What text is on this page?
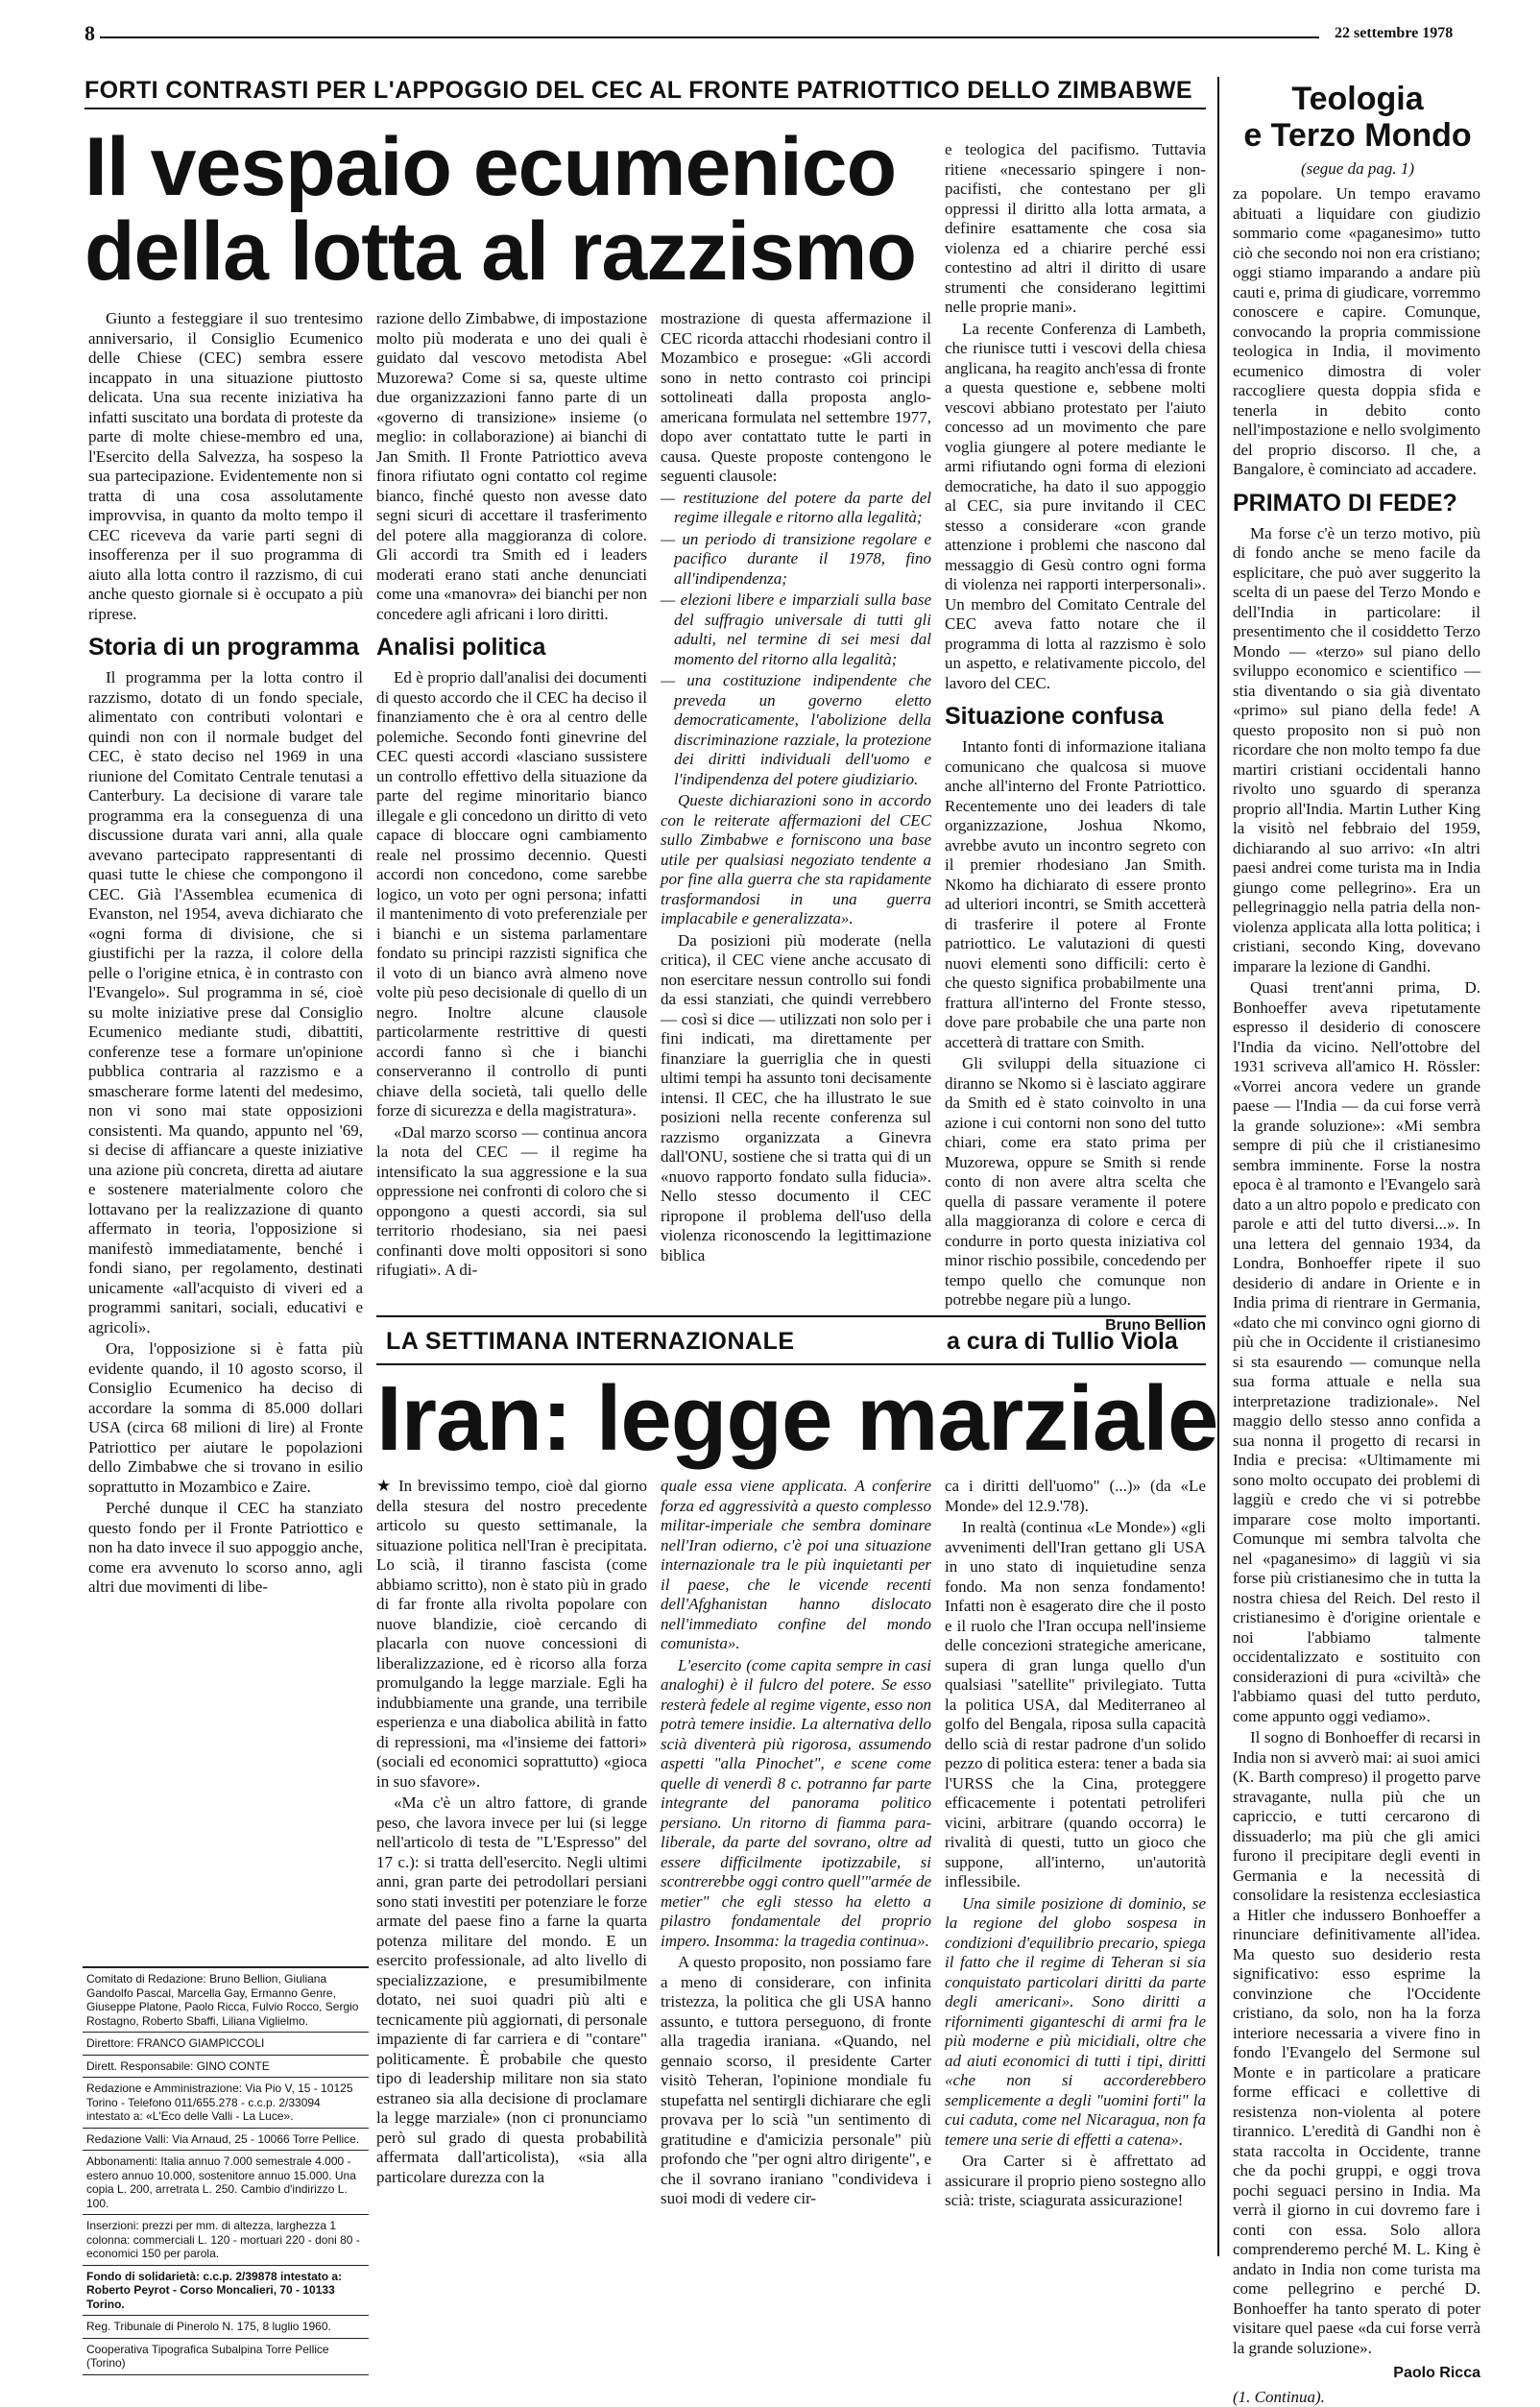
8	22 settembre 1978
FORTI CONTRASTI PER L'APPOGGIO DEL CEC AL FRONTE PATRIOTTICO DELLO ZIMBABWE
Il vespaio ecumenico
della lotta al razzismo

Giunto a festeggiare il suo trentesimo anniversario, il Consiglio Ecumenico delle Chiese (CEC) sembra essere incappato in una situazione piuttosto delicata. Una sua recente iniziativa ha infatti suscitato una bordata di proteste da parte di molte chiese-membro ed una, l'Esercito della Salvezza, ha sospeso la sua partecipazione. Evidentemente non si tratta di una cosa assolutamente improvvisa, in quanto da molto tempo il CEC riceveva da varie parti segni di insofferenza per il suo programma di aiuto alla lotta contro il razzismo, di cui anche questo giornale si è occupato a più riprese.

Storia di un programma

Il programma per la lotta contro il razzismo, dotato di un fondo speciale, alimentato con contributi volontari e quindi non con il normale budget del CEC, è stato deciso nel 1969 in una riunione del Comitato Centrale tenutasi a Canterbury. La decisione di varare tale programma era la conseguenza di una discussione durata vari anni, alla quale avevano partecipato rappresentanti di quasi tutte le chiese che compongono il CEC. Già l'Assemblea ecumenica di Evanston, nel 1954, aveva dichiarato che «ogni forma di divisione, che si giustifichi per la razza, il colore della pelle o l'origine etnica, è in contrasto con l'Evangelo». Sul programma in sé, cioè su molte iniziative prese dal Consiglio Ecumenico mediante studi, dibattiti, conferenze tese a formare un'opinione pubblica contraria al razzismo e a smascherare forme latenti del medesimo, non vi sono mai state opposizioni consistenti. Ma quando, appunto nel '69, si decise di affiancare a queste iniziative una azione più concreta, diretta ad aiutare e sostenere materialmente coloro che lottavano per la realizzazione di quanto affermato in teoria, l'opposizione si manifestò immediatamente, benché i fondi siano, per regolamento, destinati unicamente «all'acquisto di viveri ed a programmi sanitari, sociali, educativi e agricoli».

Ora, l'opposizione si è fatta più evidente quando, il 10 agosto scorso, il Consiglio Ecumenico ha deciso di accordare la somma di 85.000 dollari USA (circa 68 milioni di lire) al Fronte Patriottico per aiutare le popolazioni dello Zimbabwe che si trovano in esilio soprattutto in Mozambico e Zaire.

Perché dunque il CEC ha stanziato questo fondo per il Fronte Patriottico e non ha dato invece il suo appoggio anche, come era avvenuto lo scorso anno, agli altri due movimenti di libe-

razione dello Zimbabwe, di impostazione molto più moderata e uno dei quali è guidato dal vescovo metodista Abel Muzorewa? Come si sa, queste ultime due organizzazioni fanno parte di un «governo di transizione» insieme (o meglio: in collaborazione) ai bianchi di Jan Smith. Il Fronte Patriottico aveva finora rifiutato ogni contatto col regime bianco, finché questo non avesse dato segni sicuri di accettare il trasferimento del potere alla maggioranza di colore. Gli accordi tra Smith ed i leaders moderati erano stati anche denunciati come una «manovra» dei bianchi per non concedere agli africani i loro diritti.

Analisi politica

Ed è proprio dall'analisi dei documenti di questo accordo che il CEC ha deciso il finanziamento che è ora al centro delle polemiche. Secondo fonti ginevrine del CEC questi accordi «lasciano sussistere un controllo effettivo della situazione da parte del regime minoritario bianco illegale e gli concedono un diritto di veto capace di bloccare ogni cambiamento reale nel prossimo decennio. Questi accordi non concedono, come sarebbe logico, un voto per ogni persona; infatti il mantenimento di voto preferenziale per i bianchi e un sistema parlamentare fondato su principi razzisti significa che il voto di un bianco avrà almeno nove volte più peso decisionale di quello di un negro. Inoltre alcune clausole particolarmente restrittive di questi accordi fanno sì che i bianchi conserveranno il controllo di punti chiave della società, tali quello delle forze di sicurezza e della magistratura».

«Dal marzo scorso — continua ancora la nota del CEC — il regime ha intensificato la sua aggressione e la sua oppressione nei confronti di coloro che si oppongono a questi accordi, sia sul territorio rhodesiano, sia nei paesi confinanti dove molti oppositori si sono rifugiati». A di-

mostrazione di questa affermazione il CEC ricorda attacchi rhodesiani contro il Mozambico e prosegue: «Gli accordi sono in netto contrasto coi principi sottolineati dalla proposta anglo-americana formulata nel settembre 1977, dopo aver contattato tutte le parti in causa. Queste proposte contengono le seguenti clausole:

— restituzione del potere da parte del regime illegale e ritorno alla legalità;

— un periodo di transizione regolare e pacifico durante il 1978, fino all'indipendenza;

— elezioni libere e imparziali sulla base del suffragio universale di tutti gli adulti, nel termine di sei mesi dal momento del ritorno alla legalità;

— una costituzione indipendente che preveda un governo eletto democraticamente, l'abolizione della discriminazione razziale, la protezione dei diritti individuali dell'uomo e l'indipendenza del potere giudiziario.

Queste dichiarazioni sono in accordo con le reiterate affermazioni del CEC sullo Zimbabwe e forniscono una base utile per qualsiasi negoziato tendente a por fine alla guerra che sta rapidamente trasformandosi in una guerra implacabile e generalizzata».

Da posizioni più moderate (nella critica), il CEC viene anche accusato di non esercitare nessun controllo sui fondi da essi stanziati, che quindi verrebbero — così si dice — utilizzati non solo per i fini indicati, ma direttamente per finanziare la guerriglia che in questi ultimi tempi ha assunto toni decisamente intensi. Il CEC, che ha illustrato le sue posizioni nella recente conferenza sul razzismo organizzata a Ginevra dall'ONU, sostiene che si tratta qui di un «nuovo rapporto fondato sulla fiducia». Nello stesso documento il CEC ripropone il problema dell'uso della violenza riconoscendo la legittimazione biblica

e teologica del pacifismo. Tuttavia ritiene «necessario spingere i non-pacifisti, che contestano per gli oppressi il diritto alla lotta armata, a definire esattamente che cosa sia violenza ed a chiarire perché essi contestino ad altri il diritto di usare strumenti che considerano legittimi nelle proprie mani».

La recente Conferenza di Lambeth, che riunisce tutti i vescovi della chiesa anglicana, ha reagito anch'essa di fronte a questa questione e, sebbene molti vescovi abbiano protestato per l'aiuto concesso ad un movimento che pare voglia giungere al potere mediante le armi rifiutando ogni forma di elezioni democratiche, ha dato il suo appoggio al CEC, sia pure invitando il CEC stesso a considerare «con grande attenzione i problemi che nascono dal messaggio di Gesù contro ogni forma di violenza nei rapporti interpersonali». Un membro del Comitato Centrale del CEC aveva fatto notare che il programma di lotta al razzismo è solo un aspetto, e relativamente piccolo, del lavoro del CEC.

Situazione confusa

Intanto fonti di informazione italiana comunicano che qualcosa si muove anche all'interno del Fronte Patriottico. Recentemente uno dei leaders di tale organizzazione, Joshua Nkomo, avrebbe avuto un incontro segreto con il premier rhodesiano Jan Smith. Nkomo ha dichiarato di essere pronto ad ulteriori incontri, se Smith accetterà di trasferire il potere al Fronte patriottico. Le valutazioni di questi nuovi elementi sono difficili: certo è che questo significa probabilmente una frattura all'interno del Fronte stesso, dove pare probabile che una parte non accetterà di trattare con Smith.

Gli sviluppi della situazione ci diranno se Nkomo si è lasciato aggirare da Smith ed è stato coinvolto in una azione i cui contorni non sono del tutto chiari, come era stato prima per Muzorewa, oppure se Smith si rende conto di non avere altra scelta che quella di passare veramente il potere alla maggioranza di colore e cerca di condurre in porto questa iniziativa col minor rischio possibile, concedendo per tempo quello che comunque non potrebbe negare più a lungo.

Bruno Bellion
Teologia
e Terzo Mondo
(segue da pag. 1)

za popolare. Un tempo eravamo abituati a liquidare con giudizio sommario come «paganesimo» tutto ciò che secondo noi non era cristiano; oggi stiamo imparando a andare più cauti e, prima di giudicare, vorremmo conoscere e capire. Comunque, convocando la propria commissione teologica in India, il movimento ecumenico dimostra di voler raccogliere questa doppia sfida e tenerla in debito conto nell'impostazione e nello svolgimento del proprio discorso. Il che, a Bangalore, è cominciato ad accadere.

PRIMATO DI FEDE?

Ma forse c'è un terzo motivo, più di fondo anche se meno facile da esplicitare, che può aver suggerito la scelta di un paese del Terzo Mondo e dell'India in particolare: il presentimento che il cosiddetto Terzo Mondo — «terzo» sul piano dello sviluppo economico e scientifico — stia diventando o sia già diventato «primo» sul piano della fede! A questo proposito non si può non ricordare che non molto tempo fa due martiri cristiani occidentali hanno rivolto uno sguardo di speranza proprio all'India. Martin Luther King la visitò nel febbraio del 1959, dichiarando al suo arrivo: «In altri paesi andrei come turista ma in India giungo come pellegrino». Era un pellegrinaggio nella patria della non-violenza applicata alla lotta politica; i cristiani, secondo King, dovevano imparare la lezione di Gandhi.

Quasi trent'anni prima, D. Bonhoeffer aveva ripetutamente espresso il desiderio di conoscere l'India da vicino. Nell'ottobre del 1931 scriveva all'amico H. Rössler: «Vorrei ancora vedere un grande paese — l'India — da cui forse verrà la grande soluzione»: «Mi sembra sempre di più che il cristianesimo sembra imminente. Forse la nostra epoca è al tramonto e l'Evangelo sarà dato a un altro popolo e predicato con parole e atti del tutto diversi...». In una lettera del gennaio 1934, da Londra, Bonhoeffer ripete il suo desiderio di andare in Oriente e in India prima di rientrare in Germania, «dato che mi convinco ogni giorno di più che in Occidente il cristianesimo si sta esaurendo — comunque nella sua forma attuale e nella sua interpretazione tradizionale». Nel maggio dello stesso anno confida a sua nonna il progetto di recarsi in India e precisa: «Ultimamente mi sono molto occupato dei problemi di laggiù e credo che vi si potrebbe imparare cose molto importanti. Comunque mi sembra talvolta che nel «paganesimo» di laggiù vi sia forse più cristianesimo che in tutta la nostra chiesa del Reich. Del resto il cristianesimo è d'origine orientale e noi l'abbiamo talmente occidentalizzato e sostituito con considerazioni di pura «civiltà» che l'abbiamo quasi del tutto perduto, come appunto oggi vediamo».

Il sogno di Bonhoeffer di recarsi in India non si avverò mai: ai suoi amici (K. Barth compreso) il progetto parve stravagante, nulla più che un capriccio, e tutti cercarono di dissuaderlo; ma più che gli amici furono il precipitare degli eventi in Germania e la necessità di consolidare la resistenza ecclesiastica a Hitler che indussero Bonhoeffer a rinunciare definitivamente all'idea. Ma questo suo desiderio resta significativo: esso esprime la convinzione che l'Occidente cristiano, da solo, non ha la forza interiore necessaria a vivere fino in fondo l'Evangelo del Sermone sul Monte e in particolare a praticare forme efficaci e collettive di resistenza non-violenta al potere tirannico. L'eredità di Gandhi non è stata raccolta in Occidente, tranne che da pochi gruppi, e oggi trova pochi seguaci persino in India. Ma verrà il giorno in cui dovremo fare i conti con essa. Solo allora comprenderemo perché M. L. King è andato in India non come turista ma come pellegrino e perché D. Bonhoeffer ha tanto sperato di poter visitare quel paese «da cui forse verrà la grande soluzione».

Paolo Ricca

(1. Continua).

LA SETTIMANA INTERNAZIONALE	a cura di Tullio Viola
Iran: legge marziale

★ In brevissimo tempo, cioè dal giorno della stesura del nostro precedente articolo su questo settimanale, la situazione politica nell'Iran è precipitata. Lo scià, il tiranno fascista (come abbiamo scritto), non è stato più in grado di far fronte alla rivolta popolare con nuove blandizie, cioè cercando di placarla con nuove concessioni di liberalizzazione, ed è ricorso alla forza promulgando la legge marziale. Egli ha indubbiamente una grande, una terribile esperienza e una diabolica abilità in fatto di repressioni, ma «l'insieme dei fattori» (sociali ed economici soprattutto) «gioca in suo sfavore».

«Ma c'è un altro fattore, di grande peso, che lavora invece per lui (si legge nell'articolo di testa de "L'Espresso" del 17 c.): si tratta dell'esercito. Negli ultimi anni, gran parte dei petrodollari persiani sono stati investiti per potenziare le forze armate del paese fino a farne la quarta potenza militare del mondo. E un esercito professionale, ad alto livello di specializzazione, e presumibilmente dotato, nei suoi quadri più alti e tecnicamente più aggiornati, di personale impaziente di far carriera e di "contare" politicamente. È probabile che questo tipo di leadership militare non sia stato estraneo sia alla decisione di proclamare la legge marziale» (non ci pronunciamo però sul grado di questa probabilità affermata dall'articolista), «sia alla particolare durezza con la

quale essa viene applicata. A conferire forza ed aggressività a questo complesso militar-imperiale che sembra dominare nell'Iran odierno, c'è poi una situazione internazionale tra le più inquietanti per il paese, che le vicende recenti dell'Afghanistan hanno dislocato nell'immediato confine del mondo comunista».

L'esercito (come capita sempre in casi analoghi) è il fulcro del potere. Se esso resterà fedele al regime vigente, esso non potrà temere insidie. La alternativa dello scià diventerà più rigorosa, assumendo aspetti "alla Pinochet", e scene come quelle di venerdì 8 c. potranno far parte integrante del panorama politico persiano. Un ritorno di fiamma para-liberale, da parte del sovrano, oltre ad essere difficilmente ipotizzabile, si scontrerebbe oggi contro quell'"armée de metier" che egli stesso ha eletto a pilastro fondamentale del proprio impero. Insomma: la tragedia continua».

A questo proposito, non possiamo fare a meno di considerare, con infinita tristezza, la politica che gli USA hanno assunto, e tuttora perseguono, di fronte alla tragedia iraniana. «Quando, nel gennaio scorso, il presidente Carter visitò Teheran, l'opinione mondiale fu stupefatta nel sentirgli dichiarare che egli provava per lo scià "un sentimento di gratitudine e d'amicizia personale" più profondo che "per ogni altro dirigente", e che il sovrano iraniano "condivideva i suoi modi di vedere cir-

ca i diritti dell'uomo" (...)» (da «Le Monde» del 12.9.'78).

In realtà (continua «Le Monde») «gli avvenimenti dell'Iran gettano gli USA in uno stato di inquietudine senza fondo. Ma non senza fondamento! Infatti non è esagerato dire che il posto e il ruolo che l'Iran occupa nell'insieme delle concezioni strategiche americane, supera di gran lunga quello d'un qualsiasi "satellite" privilegiato. Tutta la politica USA, dal Mediterraneo al golfo del Bengala, riposa sulla capacità dello scià di restar padrone d'un solido pezzo di politica estera: tener a bada sia l'URSS che la Cina, proteggere efficacemente i potentati petroliferi vicini, arbitrare (quando occorra) le rivalità di questi, tutto un gioco che suppone, all'interno, un'autorità inflessibile.

Una simile posizione di dominio, se la regione del globo sospesa in condizioni d'equilibrio precario, spiega il fatto che il regime di Teheran si sia conquistato particolari diritti da parte degli americani». Sono diritti a rifornimenti giganteschi di armi fra le più moderne e più micidiali, oltre che ad aiuti economici di tutti i tipi, diritti «che non si accorderebbero semplicemente a degli "uomini forti" la cui caduta, come nel Nicaragua, non fa temere una serie di effetti a catena».

Ora Carter si è affrettato ad assicurare il proprio pieno sostegno allo scià: triste, sciagurata assicurazione!

Comitato di Redazione: Bruno Bellion, Giuliana Gandolfo Pascal, Marcella Gay, Ermanno Genre, Giuseppe Platone, Paolo Ricca, Fulvio Rocco, Sergio Rostagno, Roberto Sbaffi, Liliana Viglielmo.
Direttore: FRANCO GIAMPICCOLI
Dirett. Responsabile: GINO CONTE
Redazione e Amministrazione: Via Pio V, 15 - 10125 Torino - Telefono 011/655.278 - c.c.p. 2/33094 intestato a: «L'Eco delle Valli - La Luce».
Redazione Valli: Via Arnaud, 25 - 10066 Torre Pellice.
Abbonamenti: Italia annuo 7.000 semestrale 4.000 - estero annuo 10.000, sostenitore annuo 15.000. Una copia L. 200, arretrata L. 250. Cambio d'indirizzo L. 100.
Inserzioni: prezzi per mm. di altezza, larghezza 1 colonna: commerciali L. 120 - mortuari 220 - doni 80 - economici 150 per parola.
Fondo di solidarietà: c.c.p. 2/39878 intestato a: Roberto Peyrot - Corso Moncalieri, 70 - 10133 Torino.
Reg. Tribunale di Pinerolo N. 175, 8 luglio 1960.
Cooperativa Tipografica Subalpina Torre Pellice (Torino)
